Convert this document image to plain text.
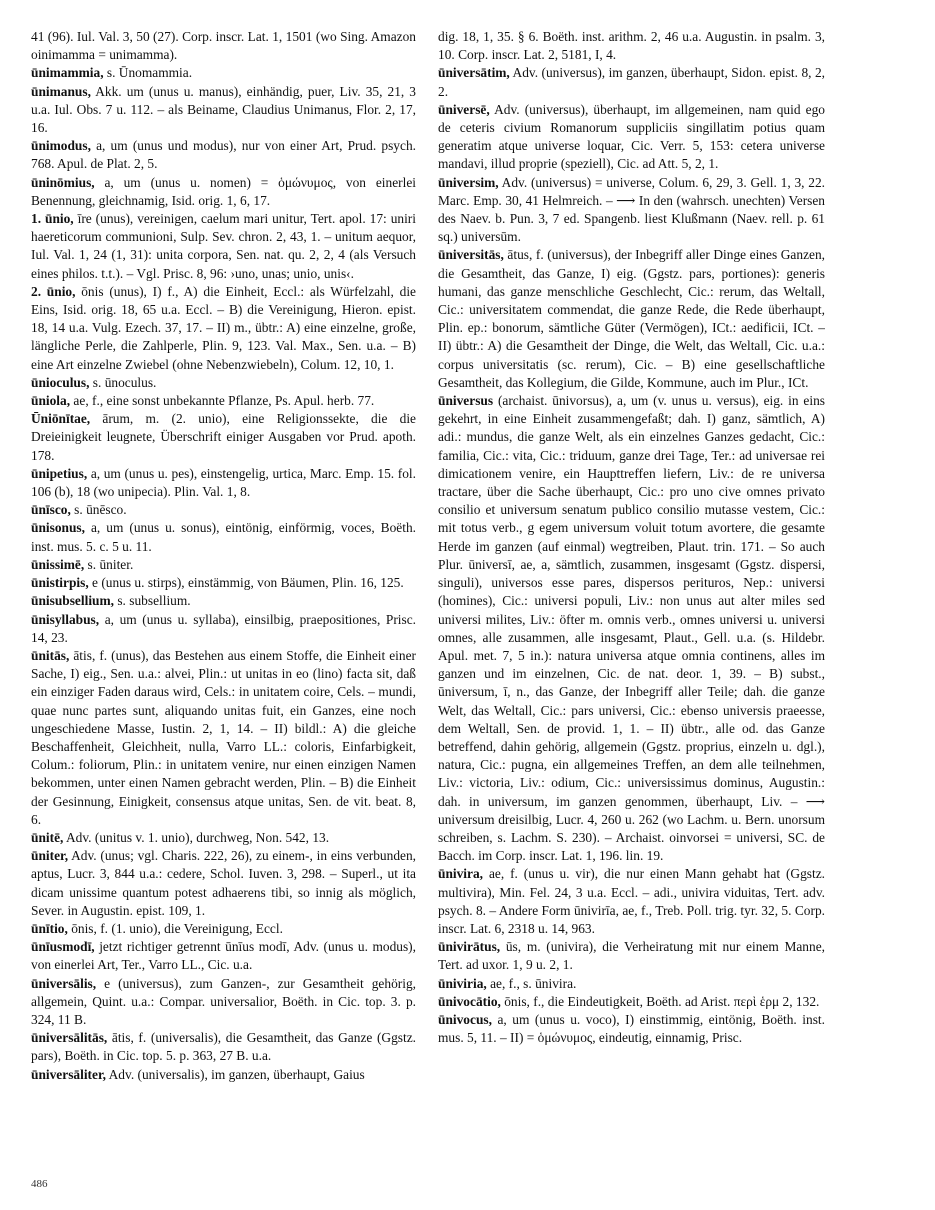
41 (96). Iul. Val. 3, 50 (27). Corp. inscr. Lat. 1, 1501 (wo Sing. Amazon oinimamma = unimamma).

ūnimammia, s. Ūnomammia.

ūnimanus, Akk. um (unus u. manus), einhändig, puer, Liv. 35, 21, 3 u.a. Iul. Obs. 7 u. 112. – als Beiname, Claudius Unimanus, Flor. 2, 17, 16.

ūnimodus, a, um (unus und modus), nur von einer Art, Prud. psych. 768. Apul. de Plat. 2, 5.

ūninōmius, a, um (unus u. nomen) = ὁμώνυμος, von einerlei Benennung, gleichnamig, Isid. orig. 1, 6, 17.

1. ūnio, īre (unus), vereinigen, caelum mari unitur, Tert. apol. 17: uniri haereticorum communioni, Sulp. Sev. chron. 2, 43, 1. – unitum aequor, Iul. Val. 1, 24 (1, 31): unita corpora, Sen. nat. qu. 2, 2, 4 (als Versuch eines philos. t.t.). – Vgl. Prisc. 8, 96: ›uno, unas; unio, unis‹.

2. ūnio, ōnis (unus), I) f., A) die Einheit, Eccl.: als Würfelzahl, die Eins, Isid. orig. 18, 65 u.a. Eccl. – B) die Vereinigung, Hieron. epist. 18, 14 u.a. Vulg. Ezech. 37, 17. – II) m., übtr.: A) eine einzelne, große, längliche Perle, die Zahlperle, Plin. 9, 123. Val. Max., Sen. u.a. – B) eine Art einzelne Zwiebel (ohne Nebenzwiebeln), Colum. 12, 10, 1.

ūnioculus, s. ūnoculus.

ūniola, ae, f., eine sonst unbekannte Pflanze, Ps. Apul. herb. 77.

Ūniōnītae, ārum, m. (2. unio), eine Religionssekte, die die Dreieinigkeit leugnete, Überschrift einiger Ausgaben vor Prud. apoth. 178.

ūnipetius, a, um (unus u. pes), einstengelig, urtica, Marc. Emp. 15. fol. 106 (b), 18 (wo unipecia). Plin. Val. 1, 8.

ūnīsco, s. ūnēsco.

ūnisonus, a, um (unus u. sonus), eintönig, einförmig, voces, Boëth. inst. mus. 5. c. 5 u. 11.

ūnissimē, s. ūniter.

ūnistirpis, e (unus u. stirps), einstämmig, von Bäumen, Plin. 16, 125.

ūnisubsellium, s. subsellium.

ūnisyllabus, a, um (unus u. syllaba), einsilbig, praepositiones, Prisc. 14, 23.

ūnitās, ātis, f. (unus), das Bestehen aus einem Stoffe, die Einheit einer Sache, I) eig., Sen. u.a.: alvei, Plin.: ut unitas in eo (lino) facta sit, daß ein einziger Faden daraus wird, Cels.: in unitatem coire, Cels. – mundi, quae nunc partes sunt, aliquando unitas fuit, ein Ganzes, eine noch ungeschiedene Masse, Iustin. 2, 1, 14. – II) bildl.: A) die gleiche Beschaffenheit, Gleichheit, nulla, Varro LL.: coloris, Einfarbigkeit, Colum.: foliorum, Plin.: in unitatem venire, nur einen einzigen Namen bekommen, unter einen Namen gebracht werden, Plin. – B) die Einheit der Gesinnung, Einigkeit, consensus atque unitas, Sen. de vit. beat. 8, 6.

ūnitē, Adv. (unitus v. 1. unio), durchweg, Non. 542, 13.

ūniter, Adv. (unus; vgl. Charis. 222, 26), zu einem-, in eins verbunden, aptus, Lucr. 3, 844 u.a.: cedere, Schol. Iuven. 3, 298. – Superl., ut ita dicam unissime quantum potest adhaerens tibi, so innig als möglich, Sever. in Augustin. epist. 109, 1.

ūnītio, ōnis, f. (1. unio), die Vereinigung, Eccl.

ūnīusmodī, jetzt richtiger getrennt ūnīus modī, Adv. (unus u. modus), von einerlei Art, Ter., Varro LL., Cic. u.a.

ūniversālis, e (universus), zum Ganzen-, zur Gesamtheit gehörig, allgemein, Quint. u.a.: Compar. universalior, Boëth. in Cic. top. 3. p. 324, 11 B.

ūniversālitās, ātis, f. (universalis), die Gesamtheit, das Ganze (Ggstz. pars), Boëth. in Cic. top. 5. p. 363, 27 B. u.a.

ūniversāliter, Adv. (universalis), im ganzen, überhaupt, Gaius

dig. 18, 1, 35. § 6. Boëth. inst. arithm. 2, 46 u.a. Augustin. in psalm. 3, 10. Corp. inscr. Lat. 2, 5181, I, 4.

ūniversātim, Adv. (universus), im ganzen, überhaupt, Sidon. epist. 8, 2, 2.

ūniversē, Adv. (universus), überhaupt, im allgemeinen, nam quid ego de ceteris civium Romanorum suppliciis singillatim potius quam generatim atque universe loquar, Cic. Verr. 5, 153: cetera universe mandavi, illud proprie (speziell), Cic. ad Att. 5, 2, 1.

ūniversim, Adv. (universus) = universe, Colum. 6, 29, 3. Gell. 1, 3, 22. Marc. Emp. 30, 41 Helmreich. – ⟶ In den (wahrsch. unechten) Versen des Naev. b. Pun. 3, 7 ed. Spangenb. liest Klußmann (Naev. rell. p. 61 sq.) universūm.

ūniversitās, ātus, f. (universus), der Inbegriff aller Dinge eines Ganzen, die Gesamtheit, das Ganze, I) eig. (Ggstz. pars, portiones): generis humani, das ganze menschliche Geschlecht, Cic.: rerum, das Weltall, Cic.: universitatem commendat, die ganze Rede, die Rede überhaupt, Plin. ep.: bonorum, sämtliche Güter (Vermögen), ICt.: aedificii, ICt. – II) übtr.: A) die Gesamtheit der Dinge, die Welt, das Weltall, Cic. u.a.: corpus universitatis (sc. rerum), Cic. – B) eine gesellschaftliche Gesamtheit, das Kollegium, die Gilde, Kommune, auch im Plur., ICt.

ūniversus (archaist. ūnivorsus), a, um (v. unus u. versus), eig. in eins gekehrt, in eine Einheit zusammengefaßt; dah. I) ganz, sämtlich, A) adi.: mundus, die ganze Welt, als ein einzelnes Ganzes gedacht, Cic.: familia, Cic.: vita, Cic.: triduum, ganze drei Tage, Ter.: ad universae rei dimicationem venire, ein Haupttreffen liefern, Liv.: de re universa tractare, über die Sache überhaupt, Cic.: pro uno cive omnes privato consilio et universum senatum publico consilio mutasse vestem, Cic.: mit totus verb., g egem universum voluit totum avortere, die gesamte Herde im ganzen (auf einmal) wegtreiben, Plaut. trin. 171. – So auch Plur. ūniversī, ae, a, sämtlich, zusammen, insgesamt (Ggstz. dispersi, singuli), universos esse pares, dispersos perituros, Nep.: universi (homines), Cic.: universi populi, Liv.: non unus aut alter miles sed universi milites, Liv.: öfter m. omnis verb., omnes universi u. universi omnes, alle zusammen, alle insgesamt, Plaut., Gell. u.a. (s. Hildebr. Apul. met. 7, 5 in.): natura universa atque omnia continens, alles im ganzen und im einzelnen, Cic. de nat. deor. 1, 39. – B) subst., ūniversum, ī, n., das Ganze, der Inbegriff aller Teile; dah. die ganze Welt, das Weltall, Cic.: pars universi, Cic.: ebenso universis praeesse, dem Weltall, Sen. de provid. 1, 1. – II) übtr., alle od. das Ganze betreffend, dahin gehörig, allgemein (Ggstz. proprius, einzeln u. dgl.), natura, Cic.: pugna, ein allgemeines Treffen, an dem alle teilnehmen, Liv.: victoria, Liv.: odium, Cic.: universissimus dominus, Augustin.: dah. in universum, im ganzen genommen, überhaupt, Liv. – ⟶ universum dreisilbig, Lucr. 4, 260 u. 262 (wo Lachm. u. Bern. unorsum schreiben, s. Lachm. S. 230). – Archaist. oinvorsei = universi, SC. de Bacch. im Corp. inscr. Lat. 1, 196. lin. 19.

ūnivira, ae, f. (unus u. vir), die nur einen Mann gehabt hat (Ggstz. multivira), Min. Fel. 24, 3 u.a. Eccl. – adi., univira viduitas, Tert. adv. psych. 8. – Andere Form ūnivirīa, ae, f., Treb. Poll. trig. tyr. 32, 5. Corp. inscr. Lat. 6, 2318 u. 14, 963.

ūnivirātus, ūs, m. (univira), die Verheiratung mit nur einem Manne, Tert. ad uxor. 1, 9 u. 2, 1.

ūniviria, ae, f., s. ūnivira.

ūnivocātio, ōnis, f., die Eindeutigkeit, Boëth. ad Arist. περὶ ἑρμ 2, 132.

ūnivocus, a, um (unus u. voco), I) einstimmig, eintönig, Boëth. inst. mus. 5, 11. – II) = ὁμώνυμος, eindeutig, einnamig, Prisc.

486
